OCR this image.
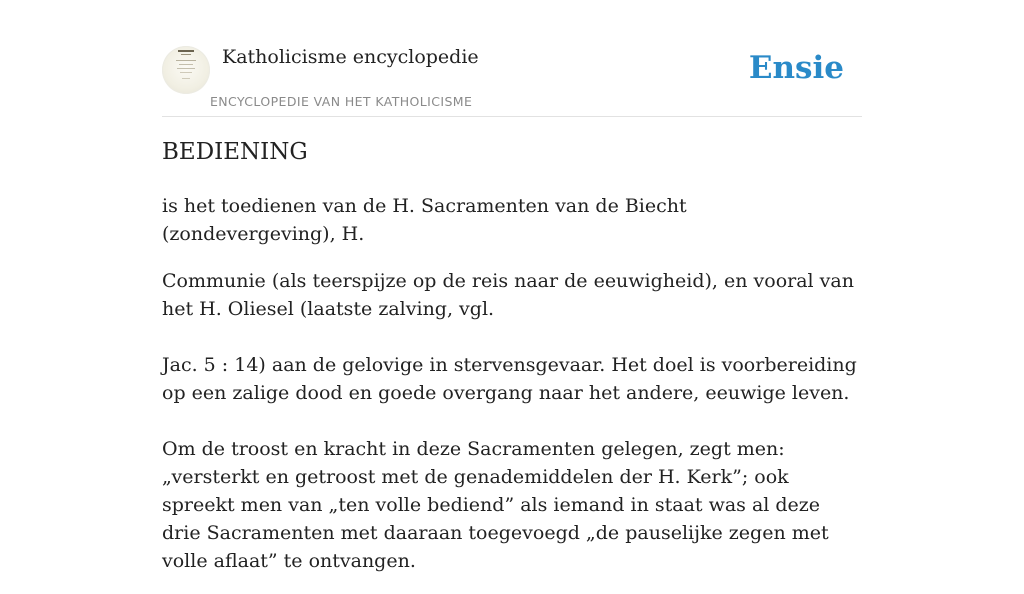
Katholicisme encyclopedie
ENCYCLOPEDIE VAN HET KATHOLICISME
Ensie
BEDIENING

is het toedienen van de H. Sacramenten van de Biecht (zondevergeving), H.

Communie (als teerspijze op de reis naar de eeuwigheid), en vooral van het H. Oliesel (laatste zalving, vgl.

Jac. 5 : 14) aan de gelovige in stervensgevaar. Het doel is voorbereiding op een zalige dood en goede overgang naar het andere, eeuwige leven.

Om de troost en kracht in deze Sacramenten gelegen, zegt men: „versterkt en getroost met de genademiddelen der H. Kerk”; ook spreekt men van „ten volle bediend” als iemand in staat was al deze drie Sacramenten met daaraan toegevoegd „de pauselijke zegen met volle aflaat” te ontvangen.
